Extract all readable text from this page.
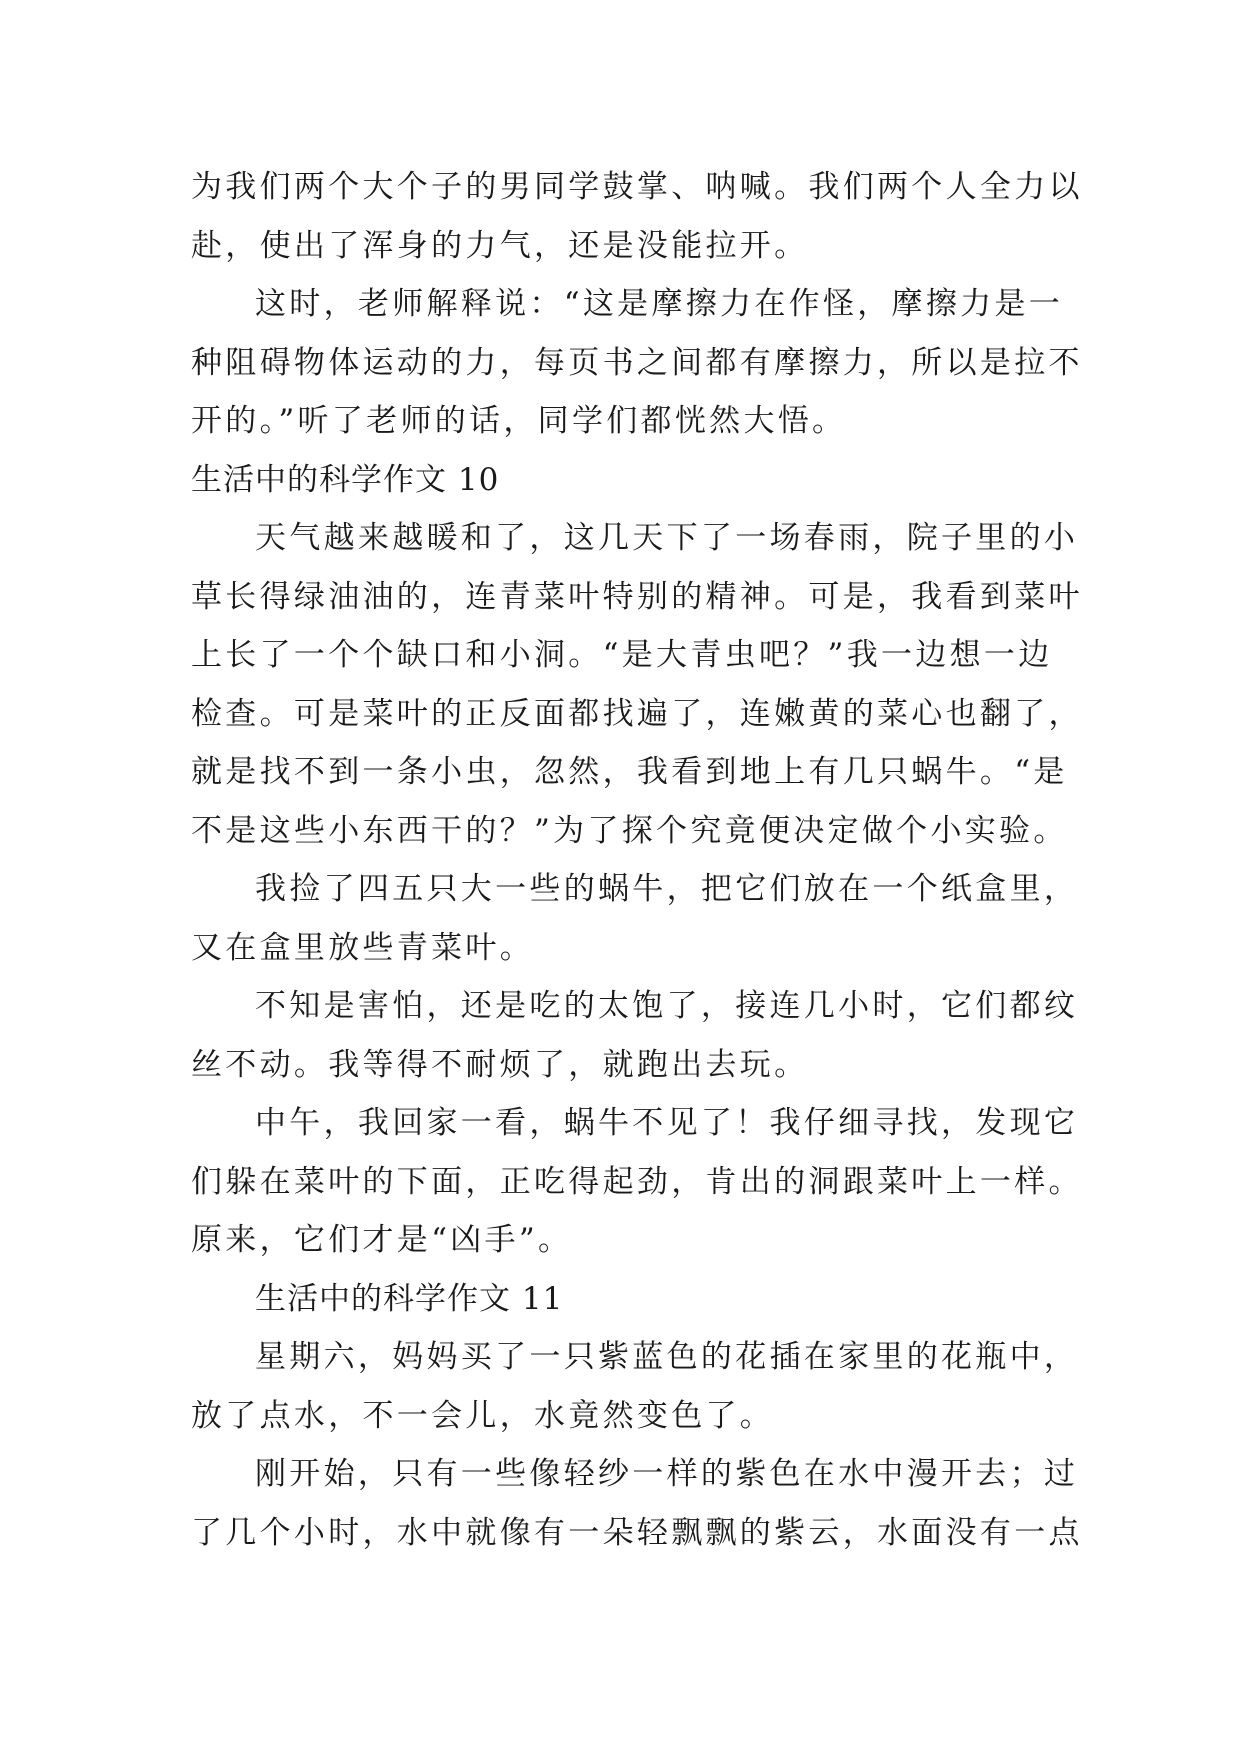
为我们两个大个子的男同学鼓掌、呐喊。我们两个人全力以
赴，使出了浑身的力气，还是没能拉开。
这时，老师解释说：“这是摩擦力在作怪，摩擦力是一
种阻碍物体运动的力，每页书之间都有摩擦力，所以是拉不
开的。”听了老师的话，同学们都恍然大悟。
生活中的科学作文 10
天气越来越暖和了，这几天下了一场春雨，院子里的小
草长得绿油油的，连青菜叶特别的精神。可是，我看到菜叶
上长了一个个缺口和小洞。“是大青虫吧？”我一边想一边
检查。可是菜叶的正反面都找遍了，连嫩黄的菜心也翻了，
就是找不到一条小虫，忽然，我看到地上有几只蜗牛。“是
不是这些小东西干的？”为了探个究竟便决定做个小实验。
我捡了四五只大一些的蜗牛，把它们放在一个纸盒里，
又在盒里放些青菜叶。
不知是害怕，还是吃的太饱了，接连几小时，它们都纹
丝不动。我等得不耐烦了，就跑出去玩。
中午，我回家一看，蜗牛不见了！我仔细寻找，发现它
们躲在菜叶的下面，正吃得起劲，肯出的洞跟菜叶上一样。
原来，它们才是“凶手”。
生活中的科学作文 11
星期六，妈妈买了一只紫蓝色的花插在家里的花瓶中，
放了点水，不一会儿，水竟然变色了。
刚开始，只有一些像轻纱一样的紫色在水中漫开去；过
了几个小时，水中就像有一朵轻飘飘的紫云，水面没有一点
